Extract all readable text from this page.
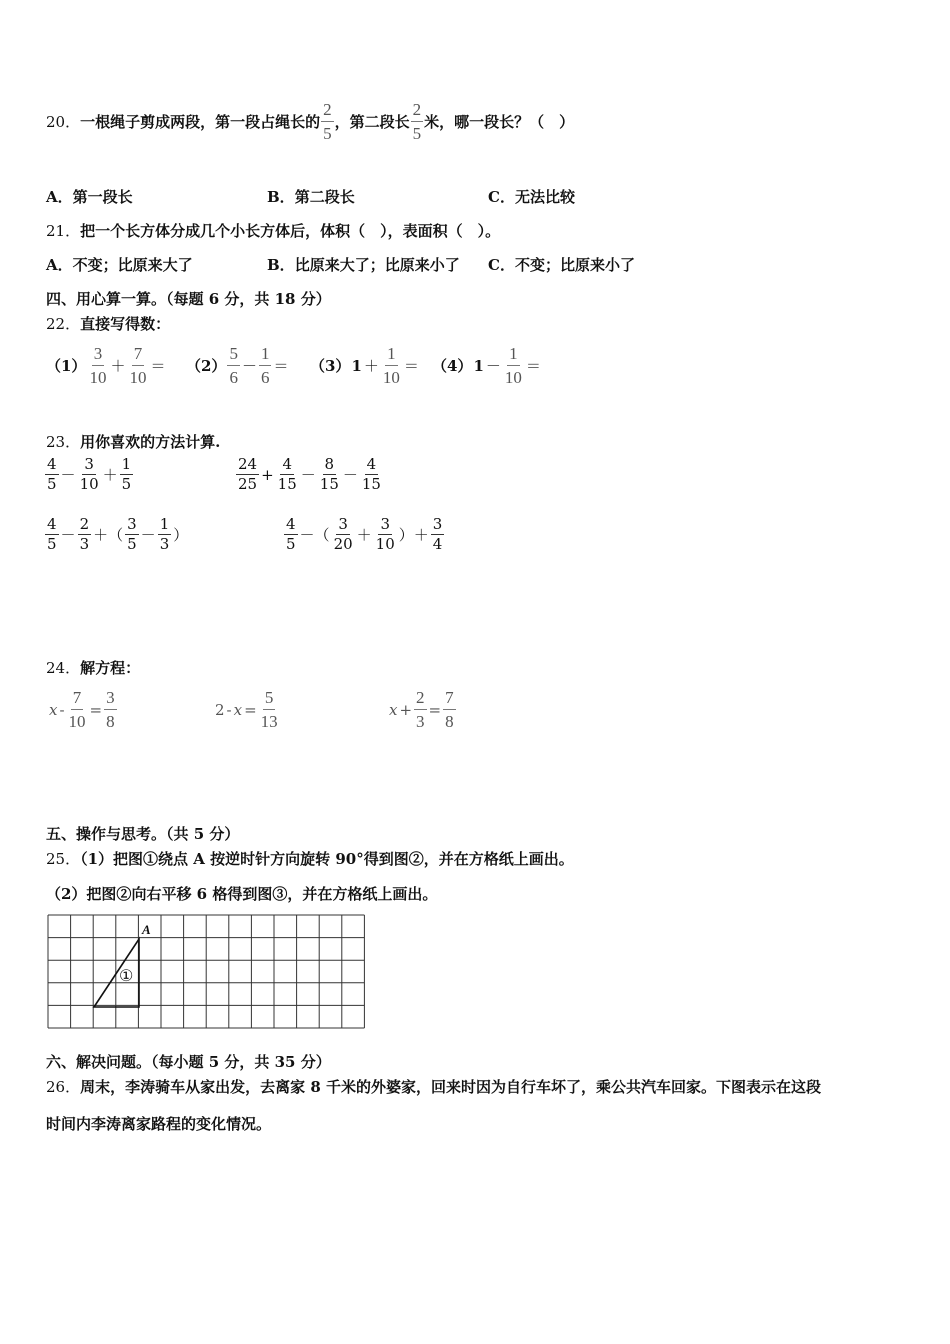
20． 一根绳子剪成两段，第一段占绳长的 $\frac{2}{5}$ ，第二段长 $\frac{2}{5}$ 米，哪一段长？（　）
A．第一段长	B．第二段长	C．无法比较
21．把一个长方体分成几个小长方体后，体积（　），表面积（　）。
A．不变；比原来大了	B．比原来大了；比原来小了 C．不变；比原来小了
四、用心算一算。（每题 6 分，共 18 分）
22．直接写得数：
$(1) \frac{3}{10} + \frac{7}{10} = (2) \frac{5}{6} - \frac{1}{6} = (3) 1 + \frac{1}{10} = (4) 1 - \frac{1}{10}$ ＝
23．用你喜欢的方法计算.
$\frac{4}{5} - \frac{3}{10} + \frac{1}{5}$	$\frac{24}{25} + \frac{4}{15} - \frac{8}{15} - \frac{4}{15}$
$\frac{4}{5} - \frac{2}{3}$ ＋（ $\frac{3}{5} - \frac{1}{3}$ ）	$\frac{4}{5}$ －（ $\frac{3}{20} + \frac{3}{10}$ ）＋ $\frac{3}{4}$
24．解方程：
$x - \frac{7}{10} = \frac{3}{8}$	$2 - x = \frac{5}{13}$	$x + \frac{2}{3} = \frac{7}{8}$
五、操作与思考。（共 5 分）
25．（1）把图①绕点 A 按逆时针方向旋转 90°得到图②，并在方格纸上画出。
（2）把图②向右平移 6 格得到图③，并在方格纸上画出。
A
①
六、解决问题。（每小题 5 分，共 35 分）
26．周末，李涛骑车从家出发，去离家 8 千米的外婆家，回来时因为自行车坏了，乘公共汽车回家。下图表示在这段
时间内李涛离家路程的变化情况。
